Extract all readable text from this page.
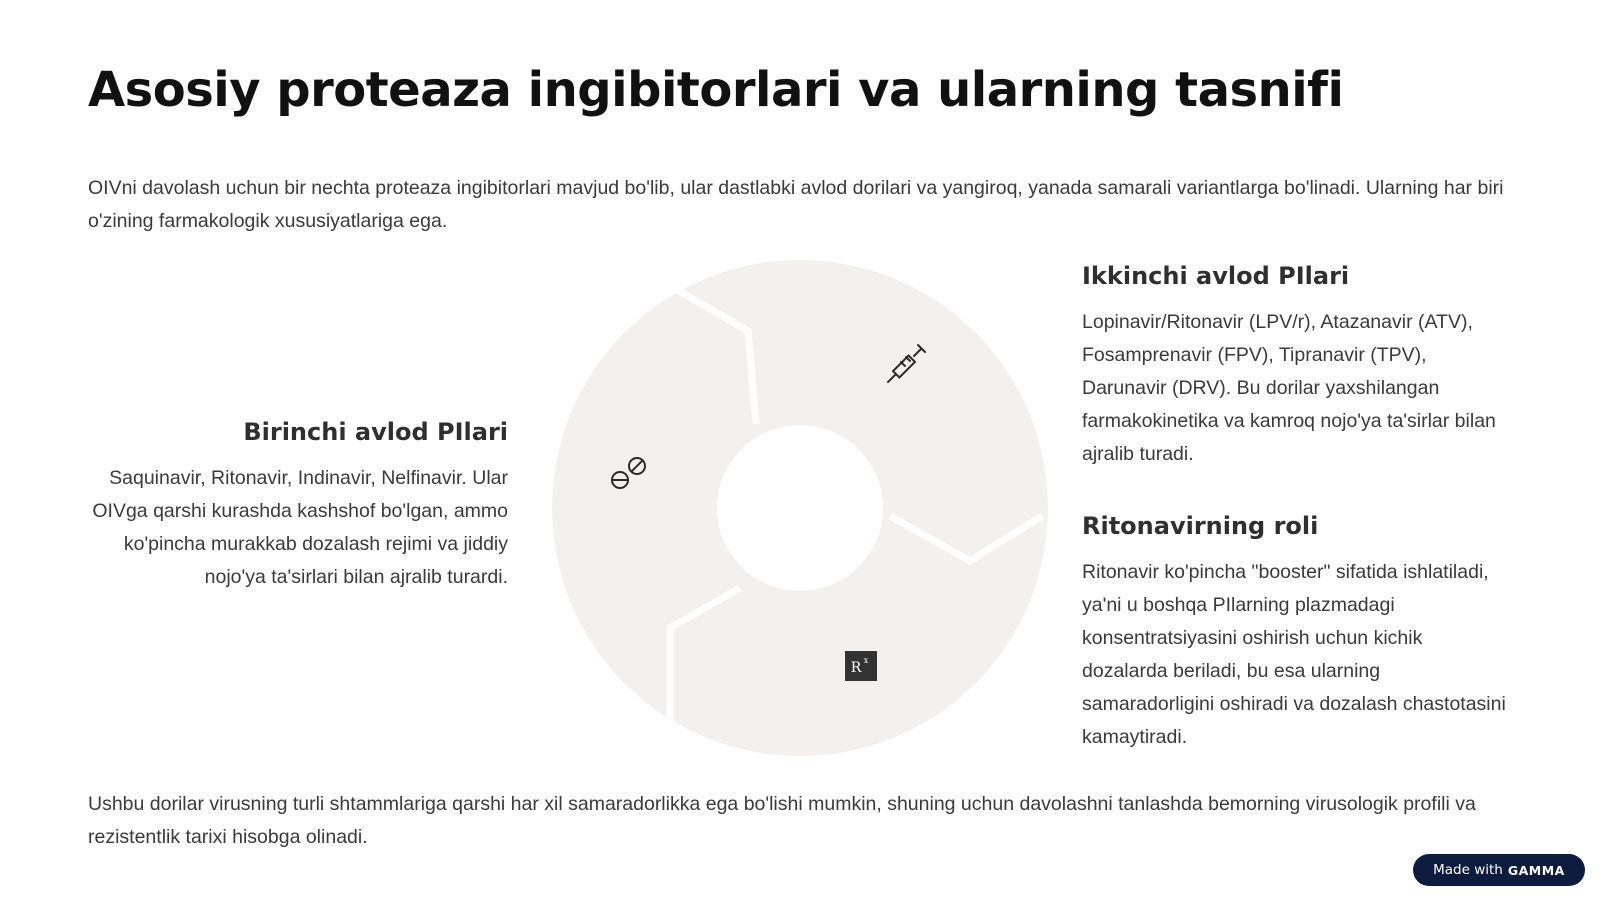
Asosiy proteaza ingibitorlari va ularning tasnifi

OIVni davolash uchun bir nechta proteaza ingibitorlari mavjud bo'lib, ular dastlabki avlod dorilari va yangiroq, yanada samarali variantlarga bo'linadi. Ularning har biri o'zining farmakologik xususiyatlariga ega.

Birinchi avlod PIlari

Saquinavir, Ritonavir, Indinavir, Nelfinavir. Ular OIVga qarshi kurashda kashshof bo'lgan, ammo ko'pincha murakkab dozalash rejimi va jiddiy nojo'ya ta'sirlari bilan ajralib turardi.

R x
Ikkinchi avlod PIlari

Lopinavir/Ritonavir (LPV/r), Atazanavir (ATV), Fosamprenavir (FPV), Tipranavir (TPV), Darunavir (DRV). Bu dorilar yaxshilangan farmakokinetika va kamroq nojo'ya ta'sirlar bilan ajralib turadi.

Ritonavirning roli

Ritonavir ko'pincha "booster" sifatida ishlatiladi, ya'ni u boshqa PIlarning plazmadagi konsentratsiyasini oshirish uchun kichik dozalarda beriladi, bu esa ularning samaradorligini oshiradi va dozalash chastotasini kamaytiradi.

Ushbu dorilar virusning turli shtammlariga qarshi har xil samaradorlikka ega bo'lishi mumkin, shuning uchun davolashni tanlashda bemorning virusologik profili va rezistentlik tarixi hisobga olinadi.

Made with GAMMA
